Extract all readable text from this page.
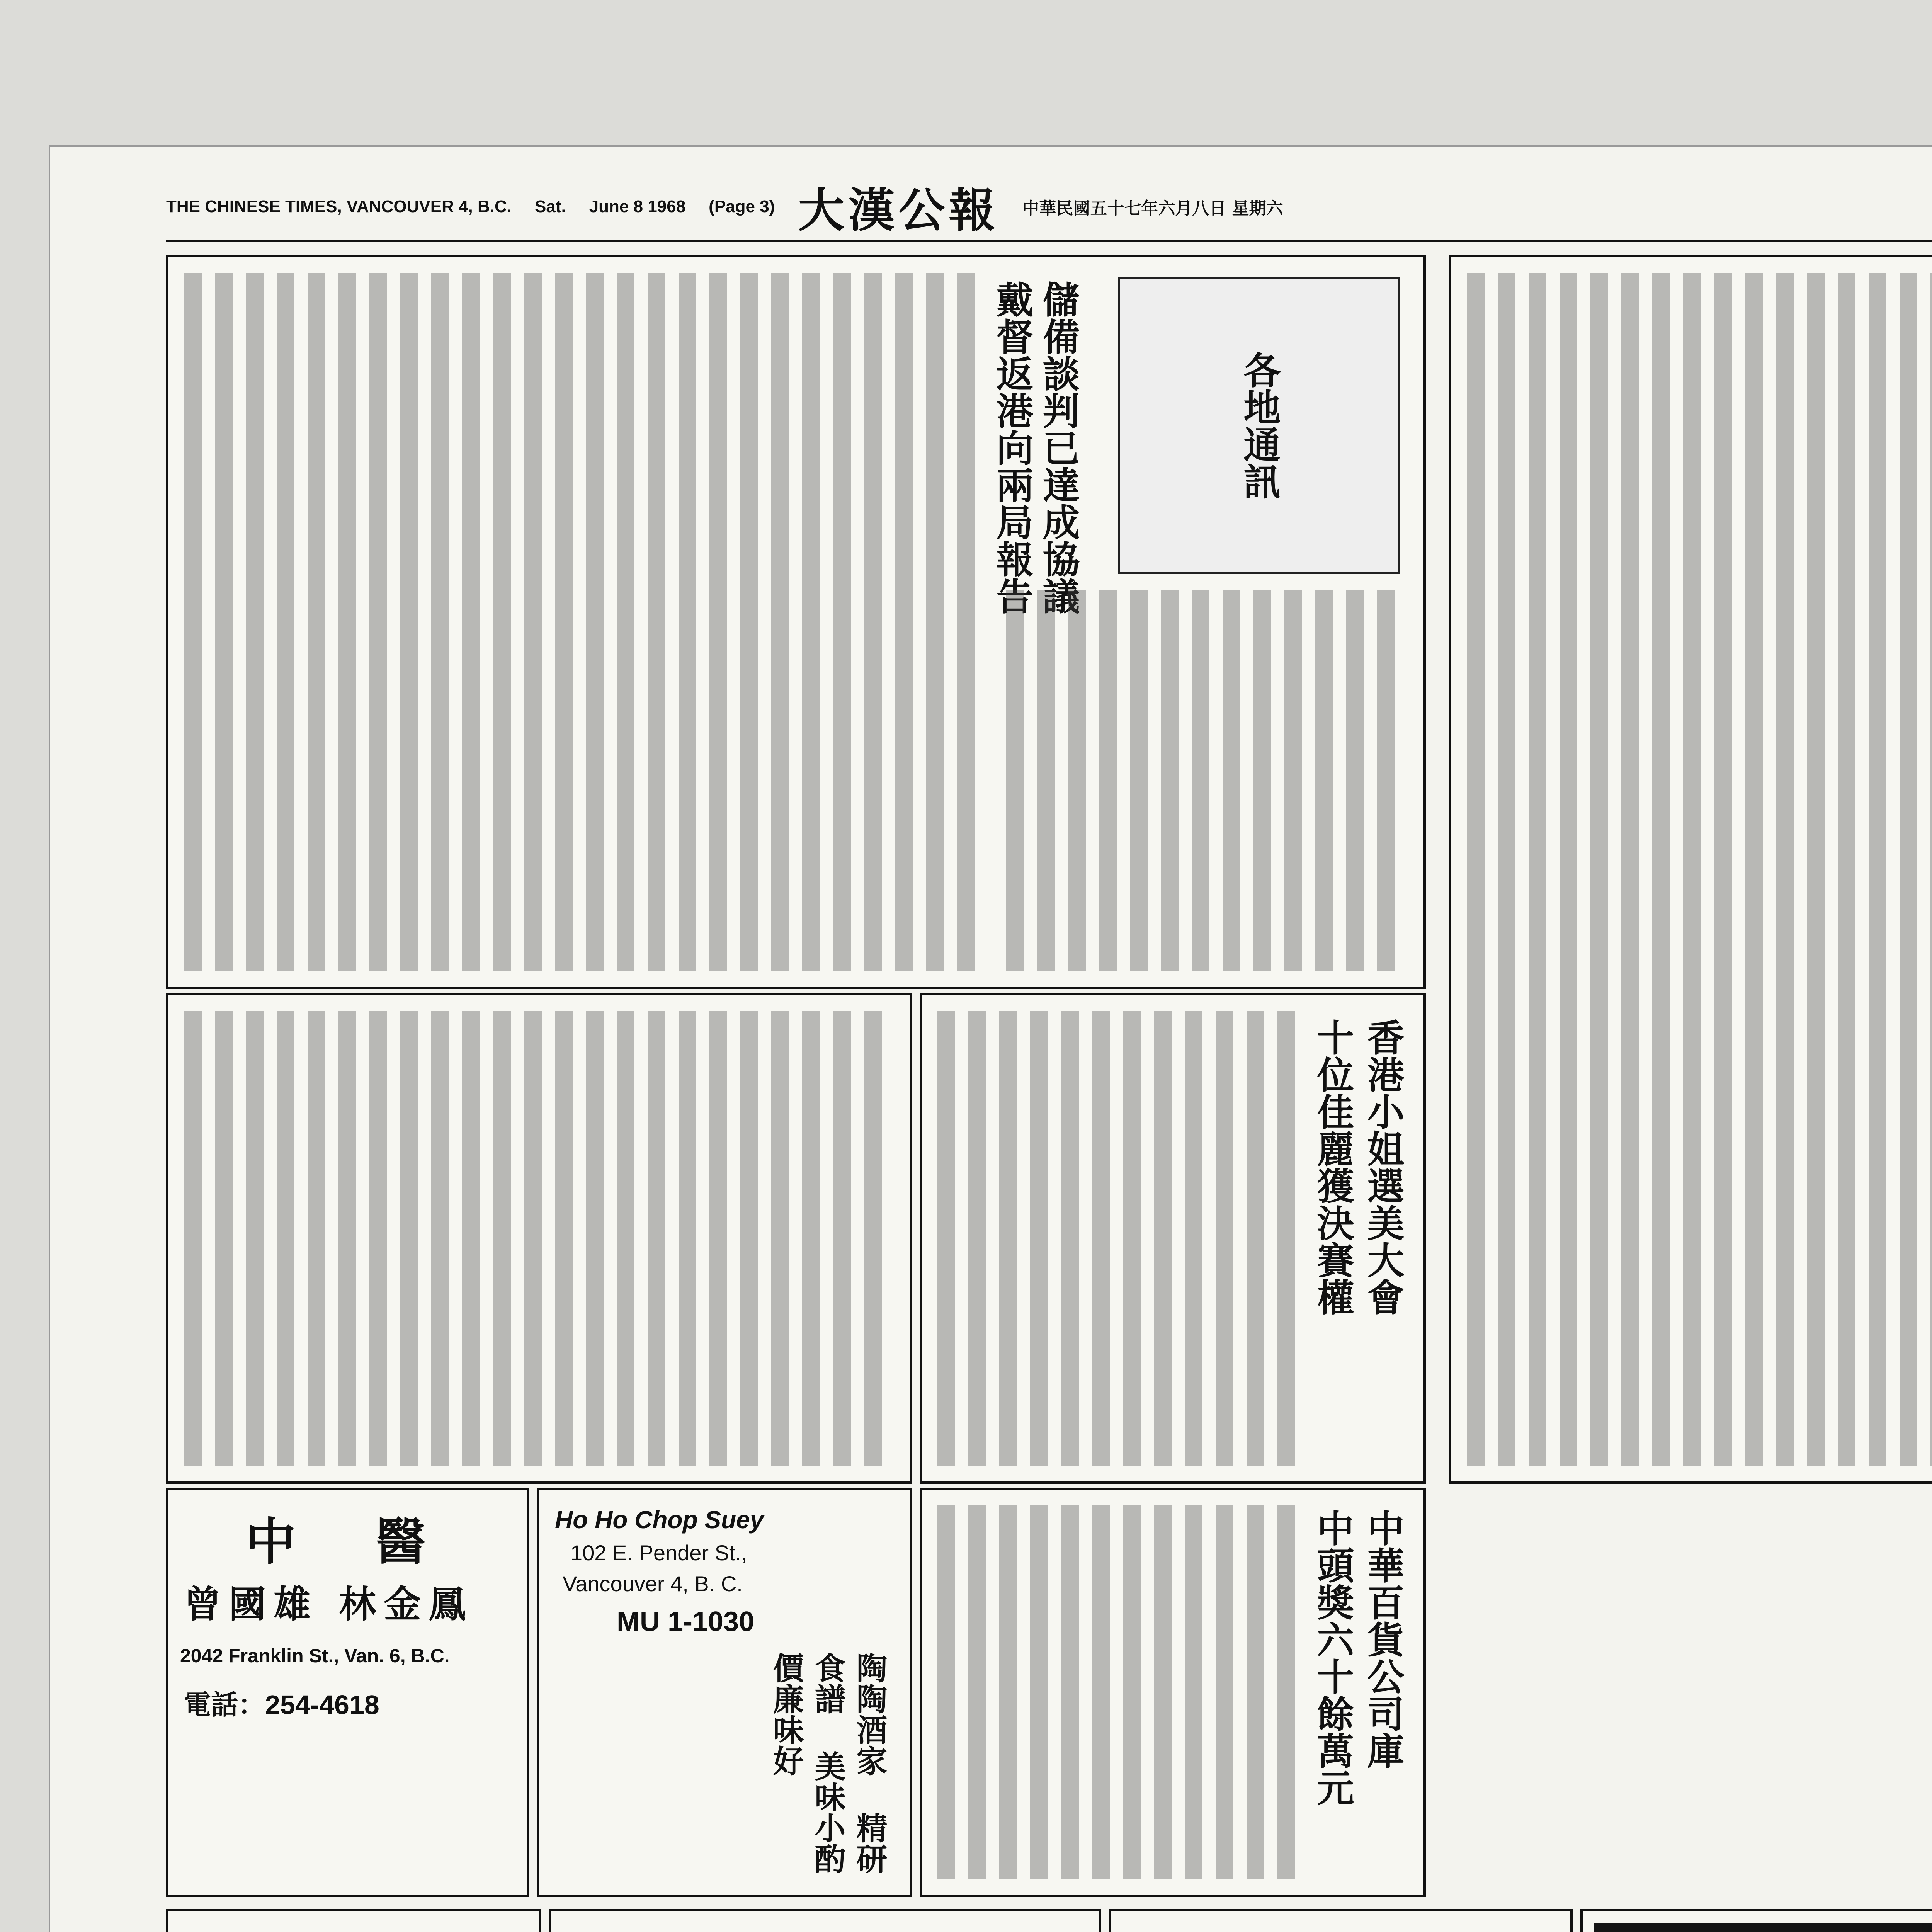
THE CHINESE TIMES, VANCOUVER 4, B.C. Sat. June 8 1968 (Page 3) 大漢公報 中華民國五十七年六月八日 星期六
各地通訊
儲備談判已達成協議
戴督返港向兩局報告
香港小姐選美大會
十位佳麗獲決賽權
中華百貨公司庫
中頭獎六十餘萬元
Ho Ho Chop Suey
102 E. Pender St.,
Vancouver 4, B. C.
MU 1-1030
陶陶酒家 精研食譜 美味小酌 價廉味好
中 醫
曾國雄 林金鳳
2042 Franklin St., Van. 6, B.C.
電話：254-4618
